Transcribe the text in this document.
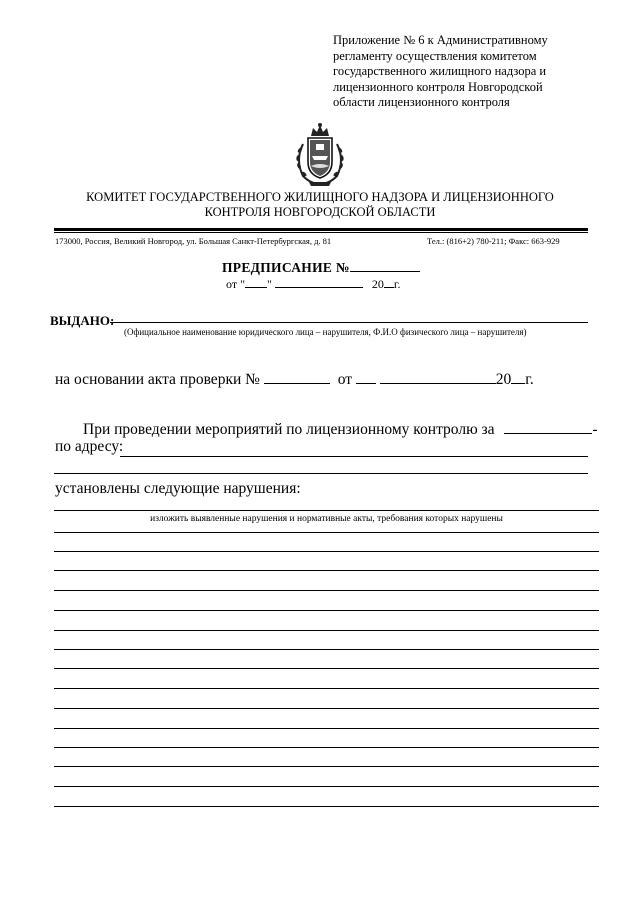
Приложение № 6 к Административному
регламенту осуществления комитетом
государственного жилищного надзора и
лицензионного контроля Новгородской
области лицензионного контроля
КОМИТЕТ ГОСУДАРСТВЕННОГО ЖИЛИЩНОГО НАДЗОРА И ЛИЦЕНЗИОННОГО
КОНТРОЛЯ НОВГОРОДСКОЙ ОБЛАСТИ
173000, Россия, Великий Новгород, ул. Большая Санкт-Петербургская, д. 81	Тел.: (816+2) 780-211; Факс: 663-929
ПРЕДПИСАНИЕ №
от " "	20 г.
ВЫДАНО:
(Официальное наименование юридического лица – нарушителя, Ф.И.О физического лица – нарушителя)
на основании акта проверки №	от	20 г.
При проведении мероприятий по лицензионному контролю за	-
по адресу:
установлены следующие нарушения:
изложить выявленные нарушения и нормативные акты, требования которых нарушены
